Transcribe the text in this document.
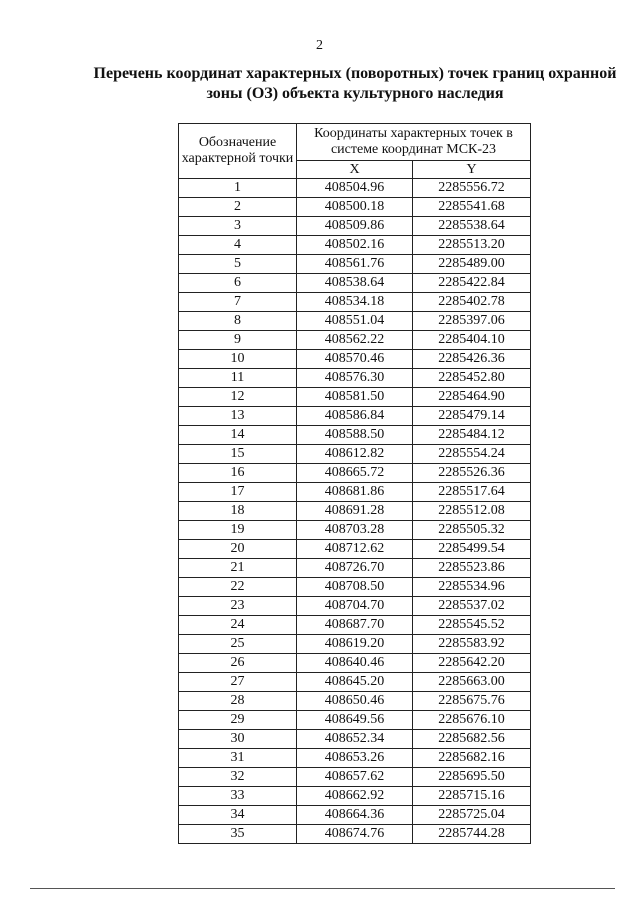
2
Перечень координат характерных (поворотных) точек границ охранной
зоны (ОЗ) объекта культурного наследия
Обозначение характерной точки	Координаты характерных точек в системе координат МСК-23	
	X	Y
1	408504.96	2285556.72
2	408500.18	2285541.68
3	408509.86	2285538.64
4	408502.16	2285513.20
5	408561.76	2285489.00
6	408538.64	2285422.84
7	408534.18	2285402.78
8	408551.04	2285397.06
9	408562.22	2285404.10
10	408570.46	2285426.36
11	408576.30	2285452.80
12	408581.50	2285464.90
13	408586.84	2285479.14
14	408588.50	2285484.12
15	408612.82	2285554.24
16	408665.72	2285526.36
17	408681.86	2285517.64
18	408691.28	2285512.08
19	408703.28	2285505.32
20	408712.62	2285499.54
21	408726.70	2285523.86
22	408708.50	2285534.96
23	408704.70	2285537.02
24	408687.70	2285545.52
25	408619.20	2285583.92
26	408640.46	2285642.20
27	408645.20	2285663.00
28	408650.46	2285675.76
29	408649.56	2285676.10
30	408652.34	2285682.56
31	408653.26	2285682.16
32	408657.62	2285695.50
33	408662.92	2285715.16
34	408664.36	2285725.04
35	408674.76	2285744.28
